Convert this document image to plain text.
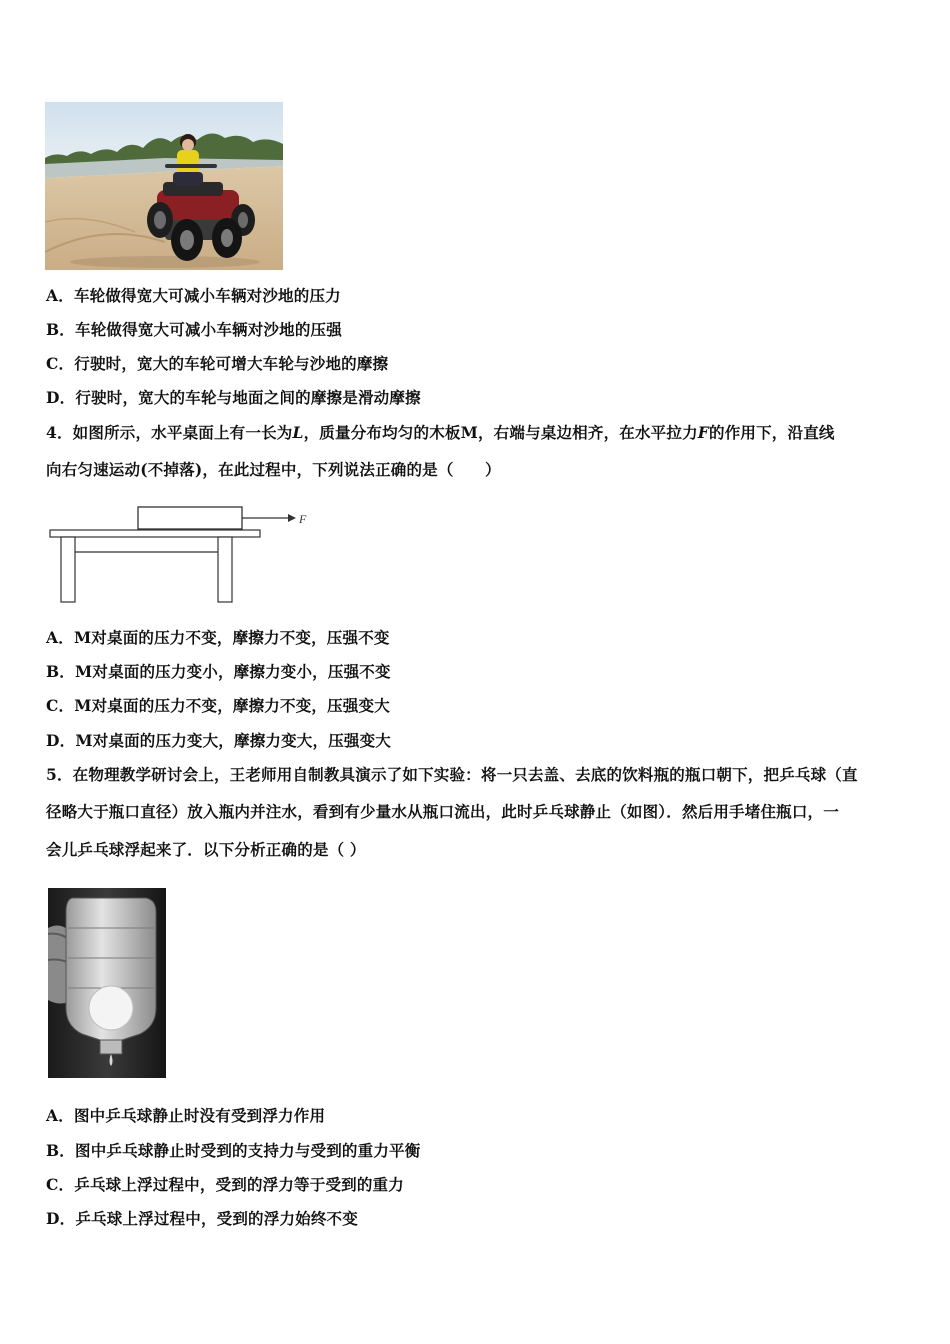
A．车轮做得宽大可减小车辆对沙地的压力
B．车轮做得宽大可减小车辆对沙地的压强
C．行驶时，宽大的车轮可增大车轮与沙地的摩擦
D．行驶时，宽大的车轮与地面之间的摩擦是滑动摩擦
4．如图所示，水平桌面上有一长为L，质量分布均匀的木板M，右端与桌边相齐，在水平拉力F的作用下，沿直线
向右匀速运动(不掉落)，在此过程中，下列说法正确的是（　　）
F
A．M对桌面的压力不变，摩擦力不变，压强不变
B．M对桌面的压力变小，摩擦力变小，压强不变
C．M对桌面的压力不变，摩擦力不变，压强变大
D．M对桌面的压力变大，摩擦力变大，压强变大
5．在物理教学研讨会上，王老师用自制教具演示了如下实验：将一只去盖、去底的饮料瓶的瓶口朝下，把乒乓球（直
径略大于瓶口直径）放入瓶内并注水，看到有少量水从瓶口流出，此时乒乓球静止（如图）．然后用手堵住瓶口，一
会儿乒乓球浮起来了．以下分析正确的是（ ）
A．图中乒乓球静止时没有受到浮力作用
B．图中乒乓球静止时受到的支持力与受到的重力平衡
C．乒乓球上浮过程中，受到的浮力等于受到的重力
D．乒乓球上浮过程中，受到的浮力始终不变
